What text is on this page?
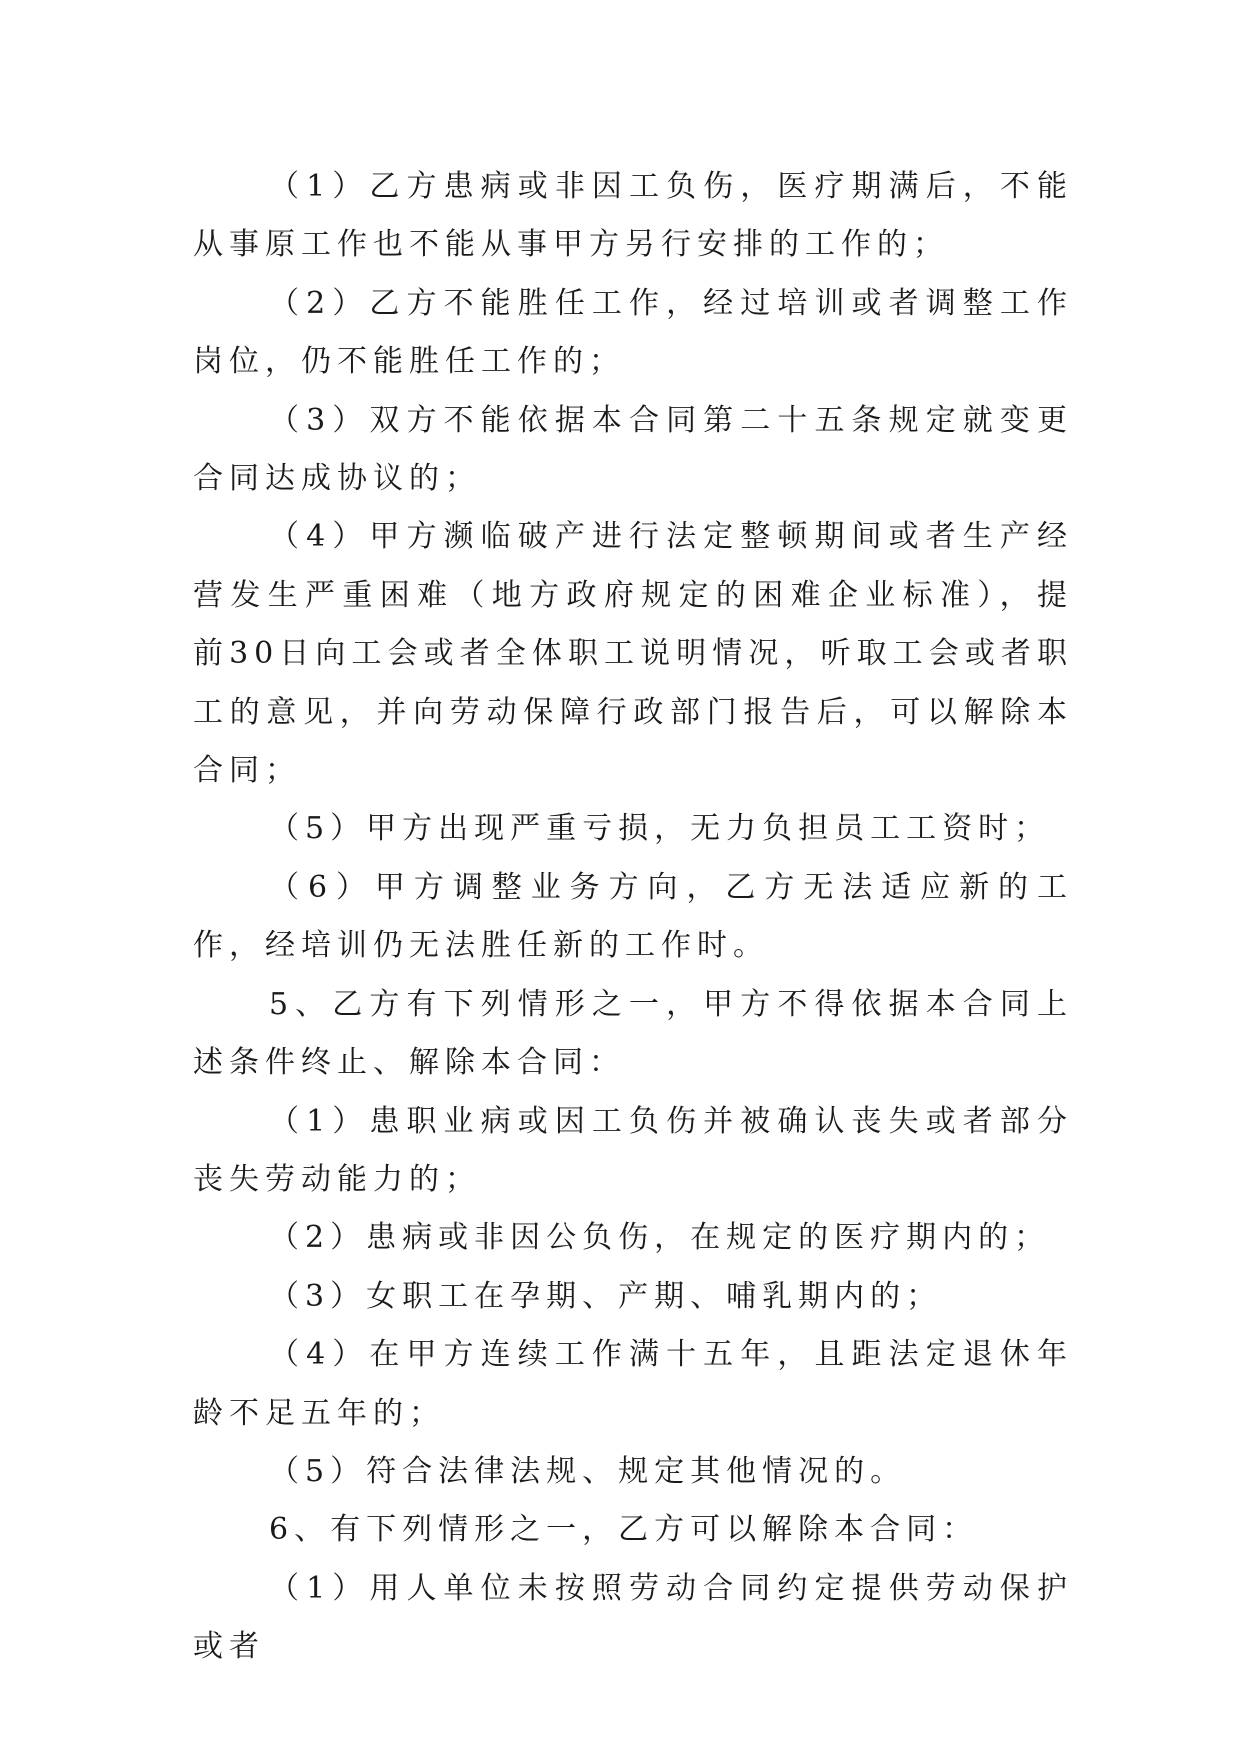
（1）乙方患病或非因工负伤，医疗期满后，不能从事原工作也不能从事甲方另行安排的工作的；

（2）乙方不能胜任工作，经过培训或者调整工作岗位，仍不能胜任工作的；

（3）双方不能依据本合同第二十五条规定就变更合同达成协议的；

（4）甲方濒临破产进行法定整顿期间或者生产经营发生严重困难（地方政府规定的困难企业标准），提前30日向工会或者全体职工说明情况，听取工会或者职工的意见，并向劳动保障行政部门报告后，可以解除本合同；

（5）甲方出现严重亏损，无力负担员工工资时；

（6）甲方调整业务方向，乙方无法适应新的工作，经培训仍无法胜任新的工作时。

5、乙方有下列情形之一，甲方不得依据本合同上述条件终止、解除本合同：

（1）患职业病或因工负伤并被确认丧失或者部分丧失劳动能力的；

（2）患病或非因公负伤，在规定的医疗期内的；

（3）女职工在孕期、产期、哺乳期内的；

（4）在甲方连续工作满十五年，且距法定退休年龄不足五年的；

（5）符合法律法规、规定其他情况的。

6、有下列情形之一，乙方可以解除本合同：

（1）用人单位未按照劳动合同约定提供劳动保护或者
